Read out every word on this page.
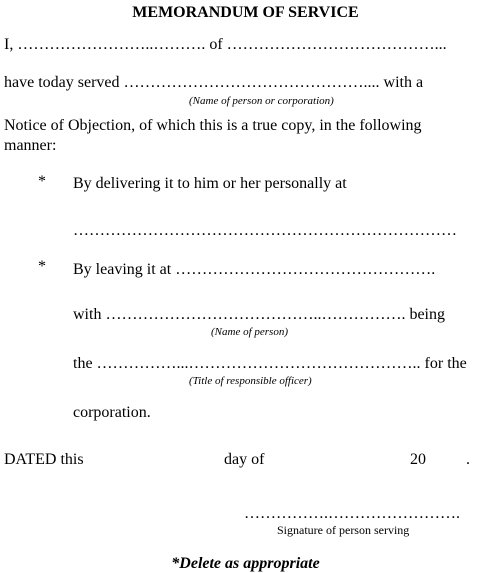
MEMORANDUM OF SERVICE
I, ……………………..………. of …………………………………...
have today served ……………………………………….... with a
(Name of person or corporation)
Notice of Objection, of which this is a true copy, in the following
manner:
* By delivering it to him or her personally at
………………………………………………………………
* By leaving it at ………………………………………….
with …………………………………..……………. being
(Name of person)
the ……………...…………………………………….. for the
(Title of responsible officer)
corporation.
DATED this	day of	20	.
…………….…………………….
Signature of person serving
*Delete as appropriate
